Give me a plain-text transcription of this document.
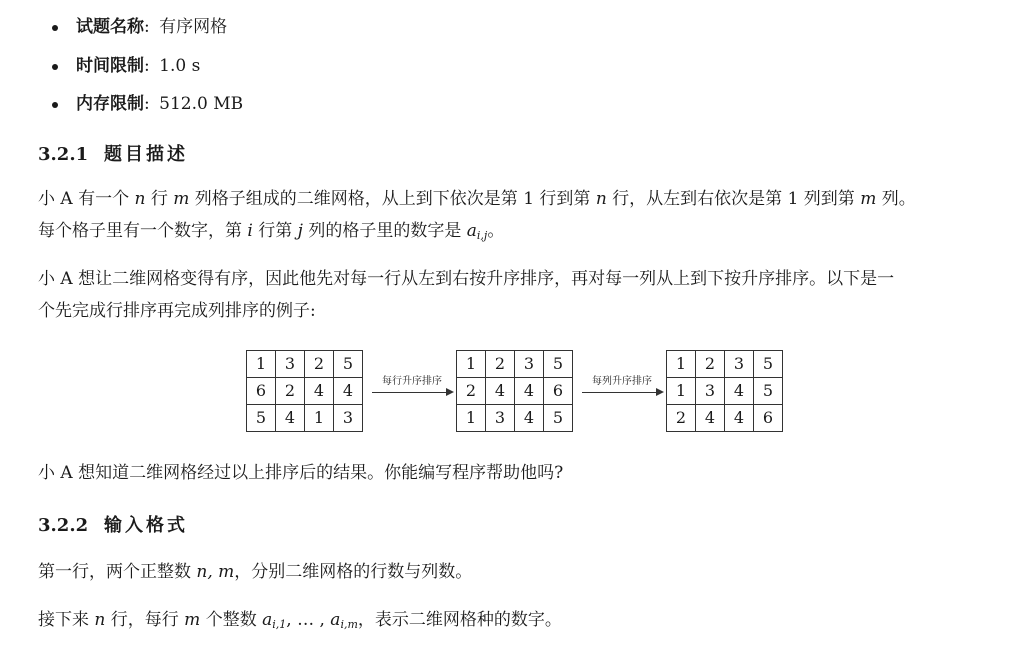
试题名称: 有序网格
时间限制: 1.0 s
内存限制: 512.0 MB
3.2.1 题目描述
小 A 有一个 n 行 m 列格子组成的二维网格，从上到下依次是第 1 行到第 n 行，从左到右依次是第 1 列到第 m 列。
每个格子里有一个数字，第 i 行第 j 列的格子里的数字是 $a_{i,j}$。
小 A 想让二维网格变得有序，因此他先对每一行从左到右按升序排序，再对每一列从上到下按升序排序。以下是一
个先完成行排序再完成列排序的例子:
1	3	2	5
6	2	4	4
5	4	1	3
每行升序排序
1	2	3	5
2	4	4	6
1	3	4	5
每列升序排序
1	2	3	5
1	3	4	5
2	4	4	6
小 A 想知道二维网格经过以上排序后的结果。你能编写程序帮助他吗?
3.2.2 输入格式
第一行，两个正整数 n, m，分别二维网格的行数与列数。
接下来 n 行，每行 m 个整数 $a_{i,1}$, … , $a_{i,m}$，表示二维网格种的数字。
